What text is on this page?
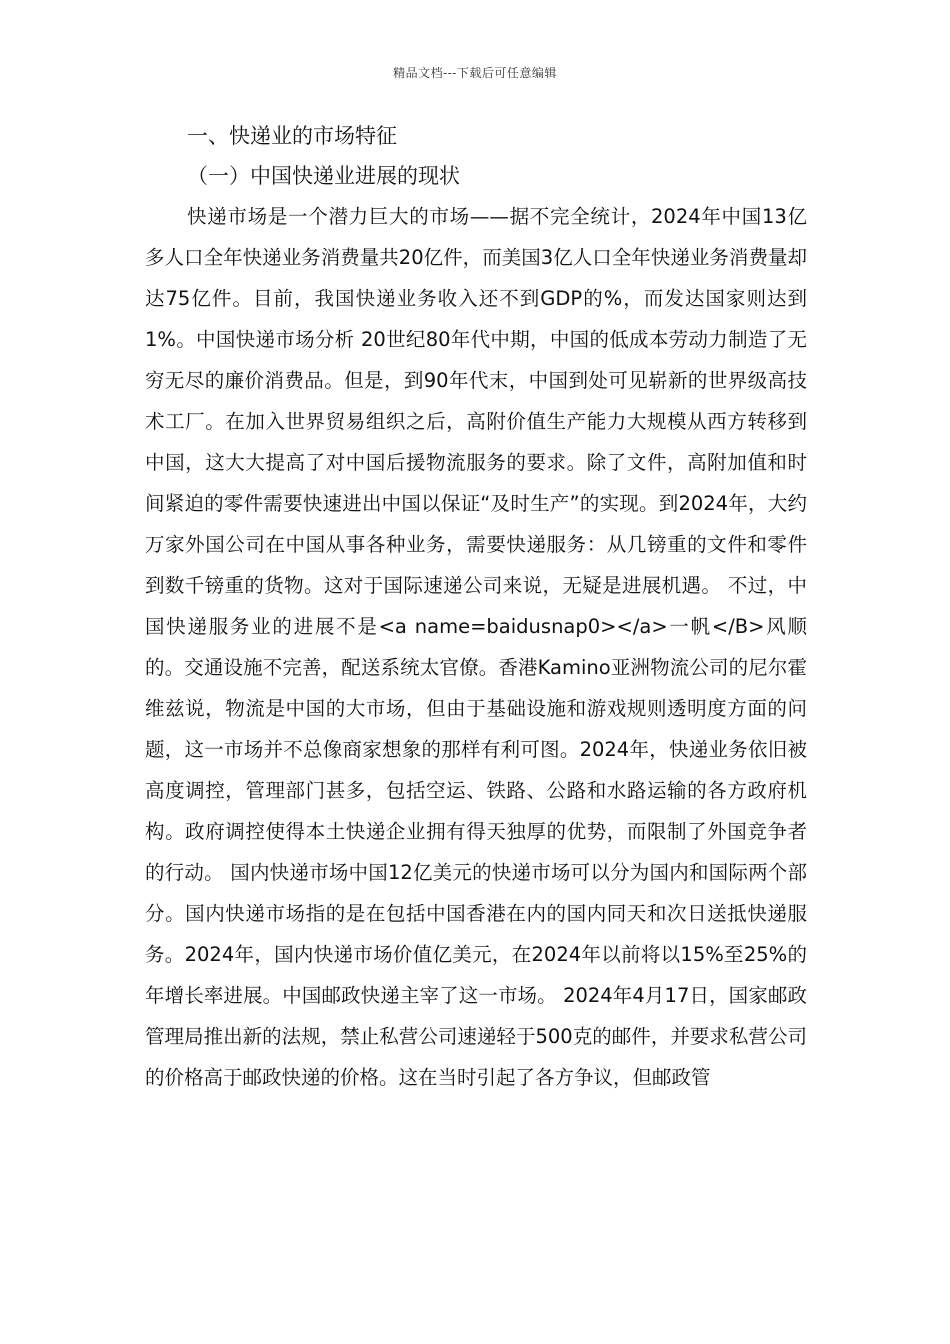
精品文档---下载后可任意编辑
一、快递业的市场特征
（一）中国快递业进展的现状

快递市场是一个潜力巨大的市场——据不完全统计，2024年中国13亿多人口全年快递业务消费量共20亿件，而美国3亿人口全年快递业务消费量却达75亿件。目前，我国快递业务收入还不到GDP的%，而发达国家则达到1%。中国快递市场分析 20世纪80年代中期，中国的低成本劳动力制造了无穷无尽的廉价消费品。但是，到90年代末，中国到处可见崭新的世界级高技术工厂。在加入世界贸易组织之后，高附价值生产能力大规模从西方转移到中国，这大大提高了对中国后援物流服务的要求。除了文件，高附加值和时间紧迫的零件需要快速进出中国以保证“及时生产”的实现。到2024年，大约万家外国公司在中国从事各种业务，需要快递服务：从几镑重的文件和零件到数千镑重的货物。这对于国际速递公司来说，无疑是进展机遇。 不过，中国快递服务业的进展不是<a name=baidusnap0></a>一帆</B>风顺的。交通设施不完善，配送系统太官僚。香港Kamino亚洲物流公司的尼尔霍维兹说，物流是中国的大市场，但由于基础设施和游戏规则透明度方面的问题，这一市场并不总像商家想象的那样有利可图。2024年，快递业务依旧被高度调控，管理部门甚多，包括空运、铁路、公路和水路运输的各方政府机构。政府调控使得本土快递企业拥有得天独厚的优势，而限制了外国竞争者的行动。 国内快递市场中国12亿美元的快递市场可以分为国内和国际两个部分。国内快递市场指的是在包括中国香港在内的国内同天和次日送抵快递服务。2024年，国内快递市场价值亿美元，在2024年以前将以15%至25%的年增长率进展。中国邮政快递主宰了这一市场。 2024年4月17日，国家邮政管理局推出新的法规，禁止私营公司速递轻于500克的邮件，并要求私营公司的价格高于邮政快递的价格。这在当时引起了各方争议，但邮政管
